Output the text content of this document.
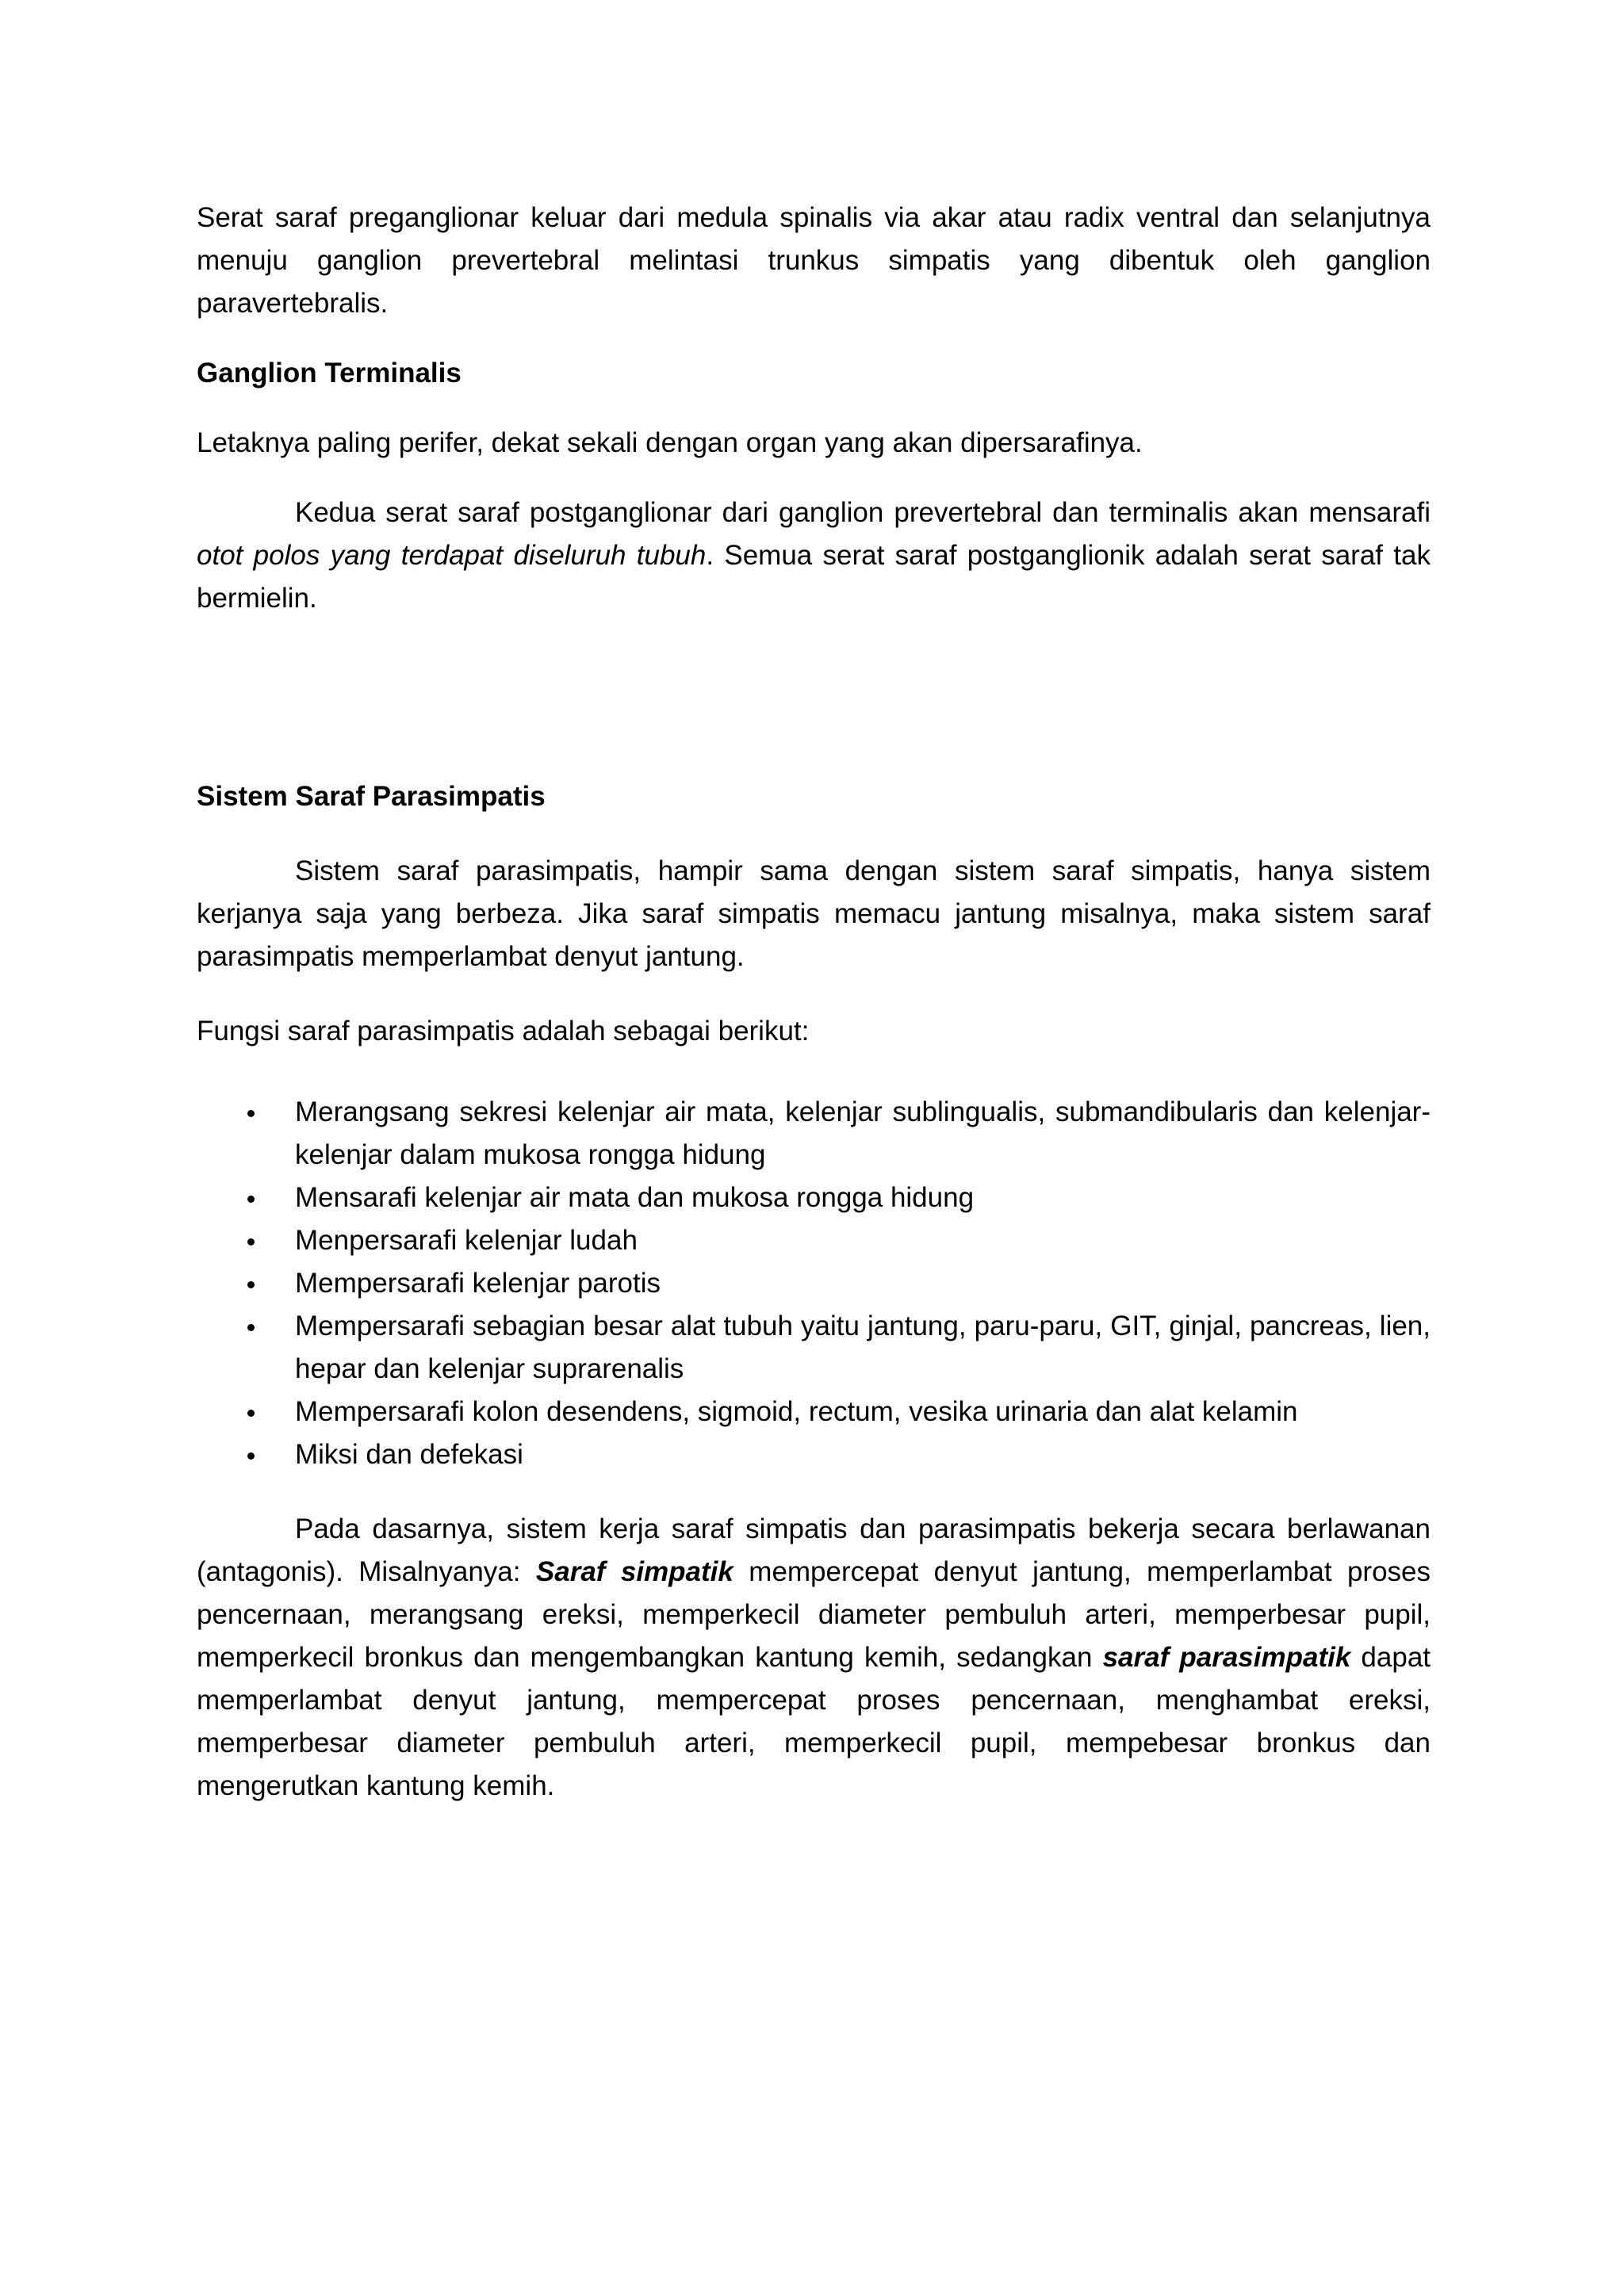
Serat saraf preganglionar keluar dari medula spinalis via akar atau radix ventral dan selanjutnya menuju ganglion prevertebral melintasi trunkus simpatis yang dibentuk oleh ganglion paravertebralis.

Ganglion Terminalis

Letaknya paling perifer, dekat sekali dengan organ yang akan dipersarafinya.

Kedua serat saraf postganglionar dari ganglion prevertebral dan terminalis akan mensarafi otot polos yang terdapat diseluruh tubuh. Semua serat saraf postganglionik adalah serat saraf tak bermielin.

Sistem Saraf Parasimpatis

Sistem saraf parasimpatis, hampir sama dengan sistem saraf simpatis, hanya sistem kerjanya saja yang berbeza. Jika saraf simpatis memacu jantung misalnya, maka sistem saraf parasimpatis memperlambat denyut jantung.

Fungsi saraf parasimpatis adalah sebagai berikut:

Merangsang sekresi kelenjar air mata, kelenjar sublingualis, submandibularis dan kelenjar-kelenjar dalam mukosa rongga hidung
Mensarafi kelenjar air mata dan mukosa rongga hidung
Menpersarafi kelenjar ludah
Mempersarafi kelenjar parotis
Mempersarafi sebagian besar alat tubuh yaitu jantung, paru-paru, GIT, ginjal, pancreas, lien, hepar dan kelenjar suprarenalis
Mempersarafi kolon desendens, sigmoid, rectum, vesika urinaria dan alat kelamin
Miksi dan defekasi

Pada dasarnya, sistem kerja saraf simpatis dan parasimpatis bekerja secara berlawanan (antagonis). Misalnyanya: Saraf simpatik mempercepat denyut jantung, memperlambat proses pencernaan, merangsang ereksi, memperkecil diameter pembuluh arteri, memperbesar pupil, memperkecil bronkus dan mengembangkan kantung kemih, sedangkan saraf parasimpatik dapat memperlambat denyut jantung, mempercepat proses pencernaan, menghambat ereksi, memperbesar diameter pembuluh arteri, memperkecil pupil, mempebesar bronkus dan mengerutkan kantung kemih.
